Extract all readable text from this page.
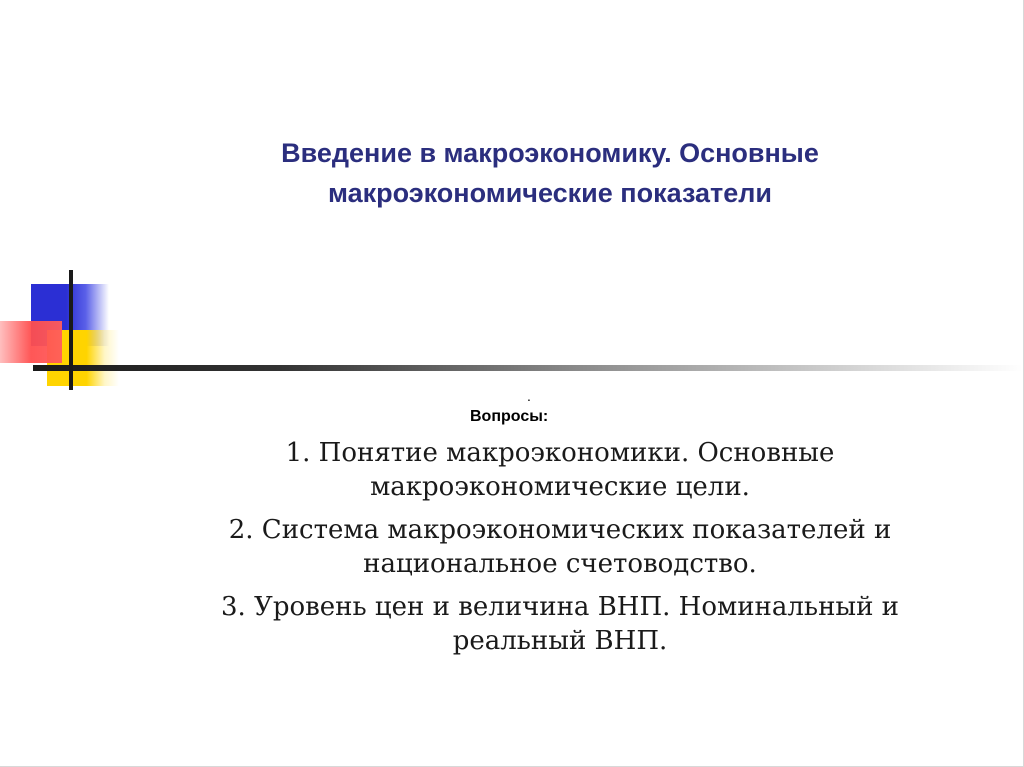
Введение в макроэкономику. Основные
макроэкономические показатели
.
Вопросы:
1. Понятие макроэкономики. Основные
макроэкономические цели.
2. Система макроэкономических показателей и
национальное счетоводство.
3. Уровень цен и величина ВНП. Номинальный и
реальный ВНП.
